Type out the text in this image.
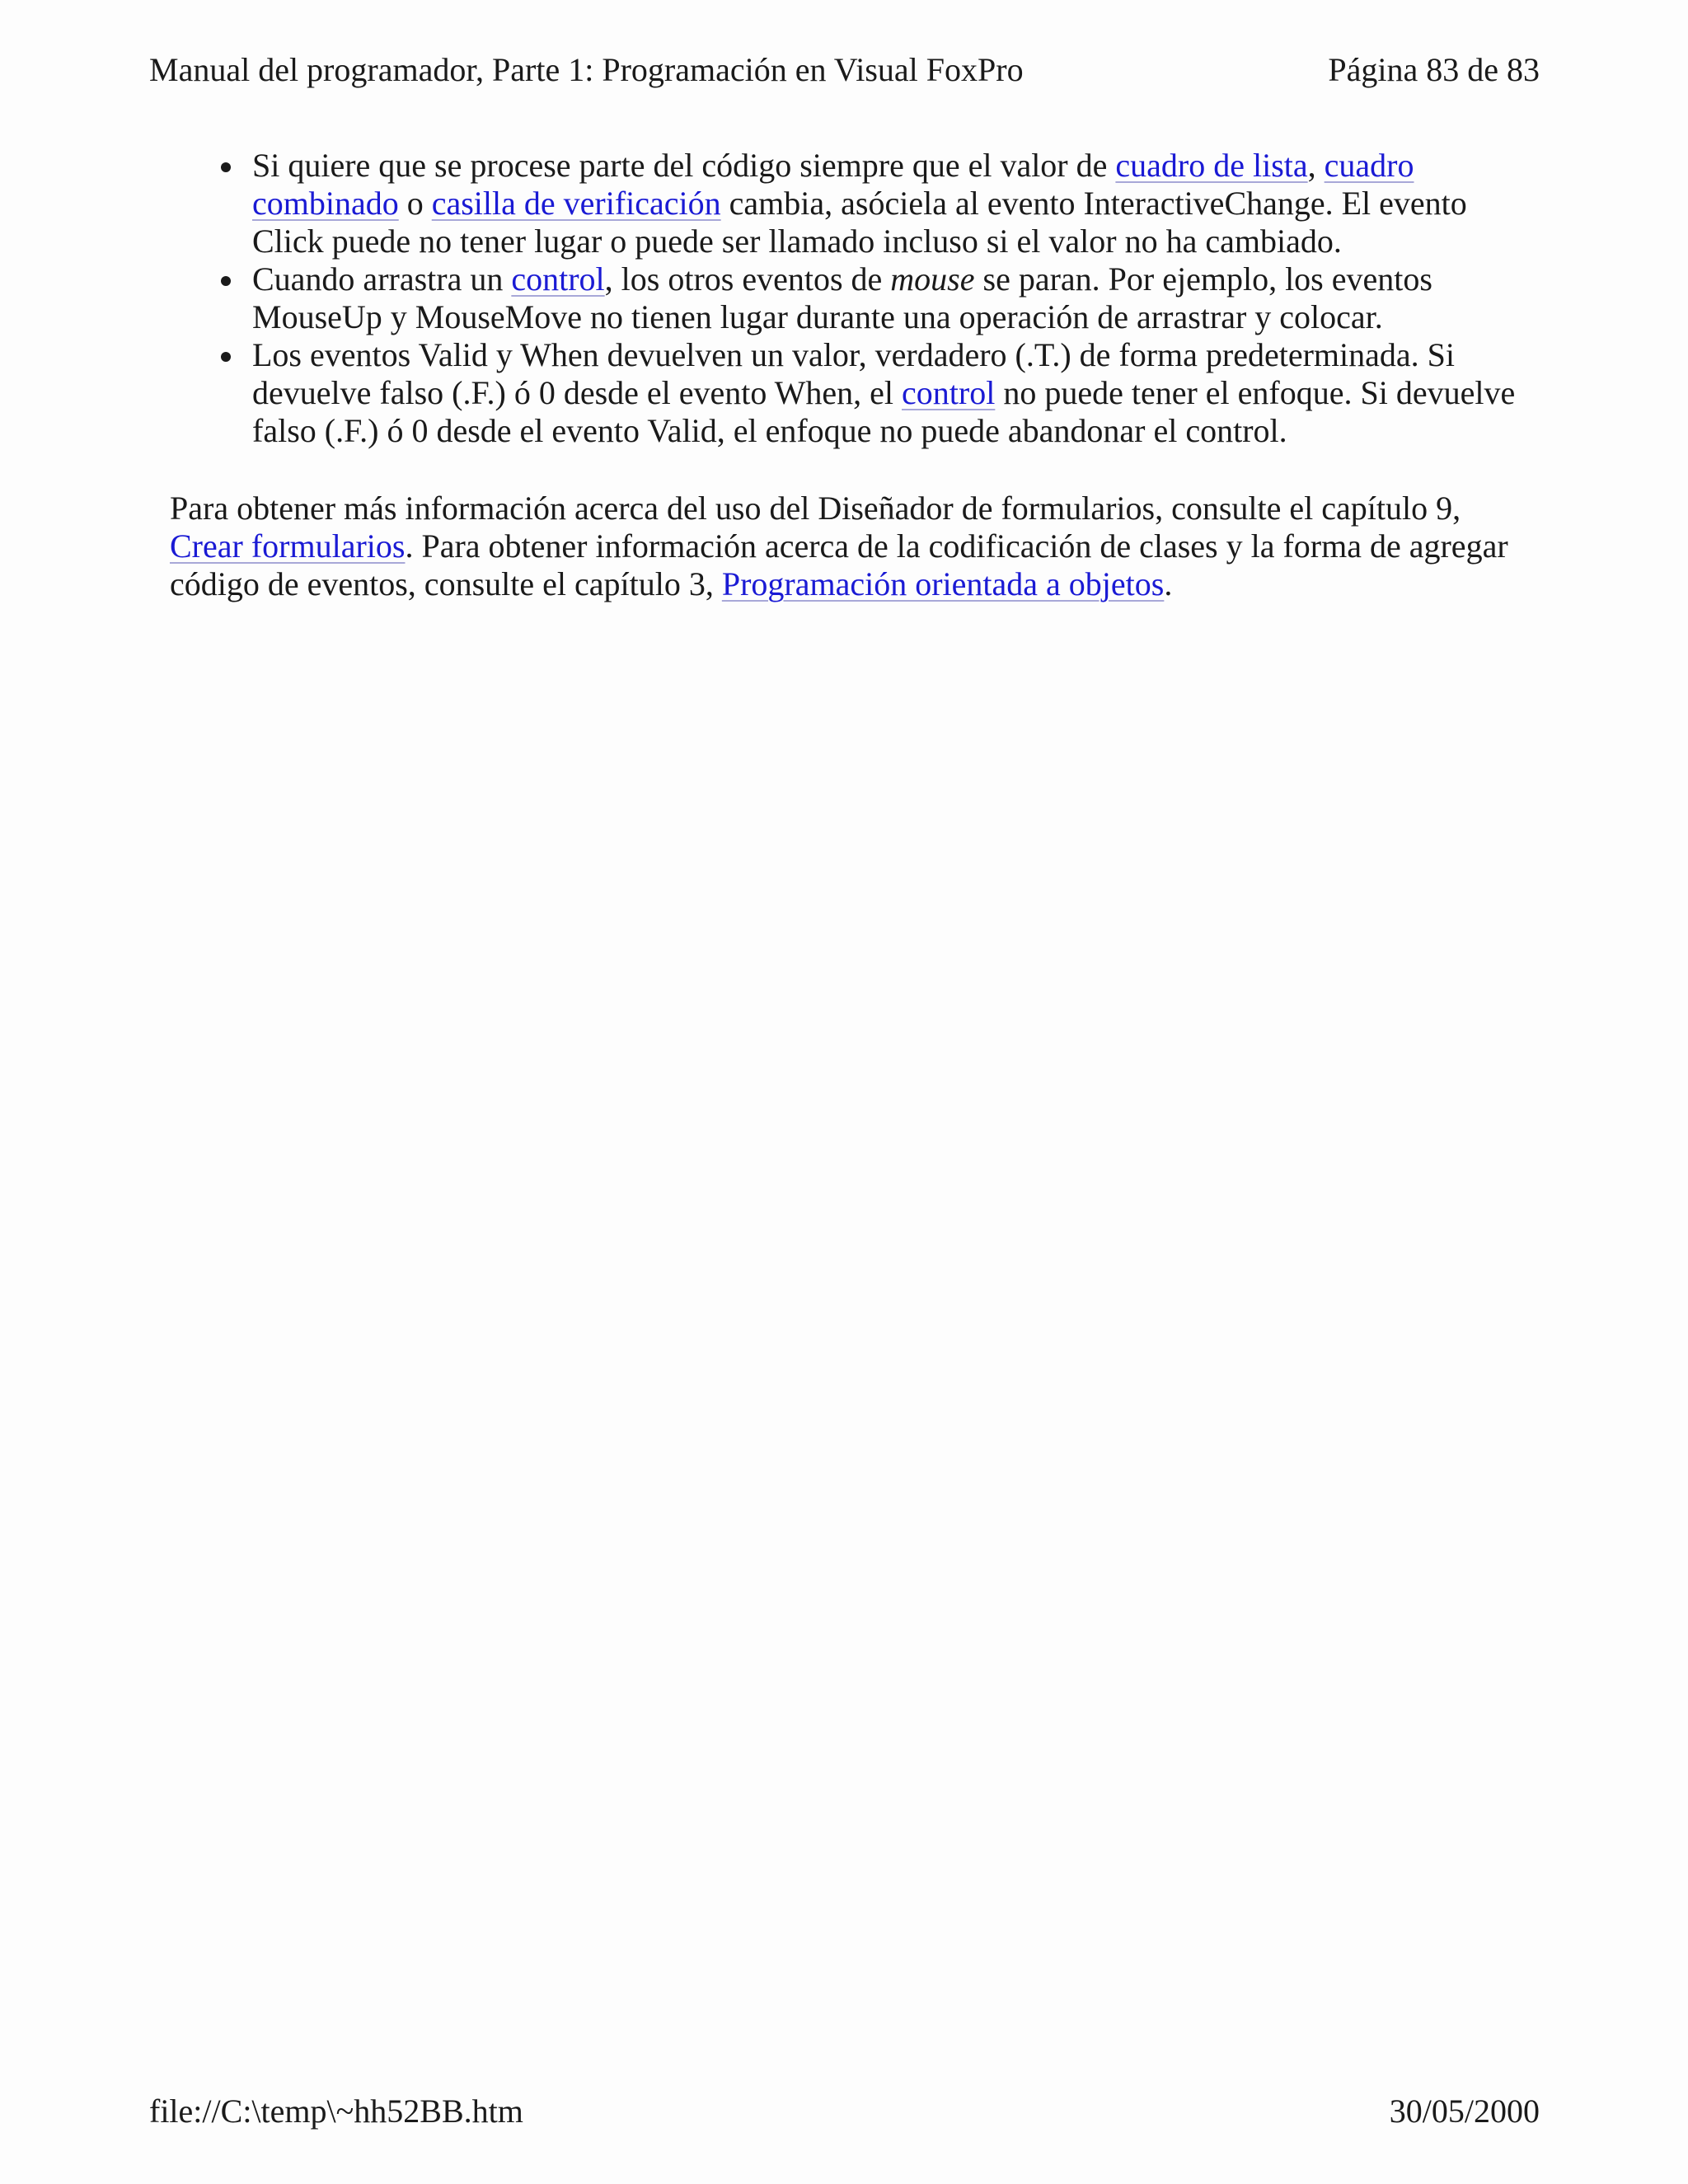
Manual del programador, Parte 1: Programación en Visual FoxPro	Página 83 de 83
Si quiere que se procese parte del código siempre que el valor de cuadro de lista, cuadro combinado o casilla de verificación cambia, asóciela al evento InteractiveChange. El evento Click puede no tener lugar o puede ser llamado incluso si el valor no ha cambiado.
Cuando arrastra un control, los otros eventos de mouse se paran. Por ejemplo, los eventos MouseUp y MouseMove no tienen lugar durante una operación de arrastrar y colocar.
Los eventos Valid y When devuelven un valor, verdadero (.T.) de forma predeterminada. Si devuelve falso (.F.) ó 0 desde el evento When, el control no puede tener el enfoque. Si devuelve falso (.F.) ó 0 desde el evento Valid, el enfoque no puede abandonar el control.

Para obtener más información acerca del uso del Diseñador de formularios, consulte el capítulo 9, Crear formularios. Para obtener información acerca de la codificación de clases y la forma de agregar código de eventos, consulte el capítulo 3, Programación orientada a objetos.

file://C:\temp\~hh52BB.htm	30/05/2000
